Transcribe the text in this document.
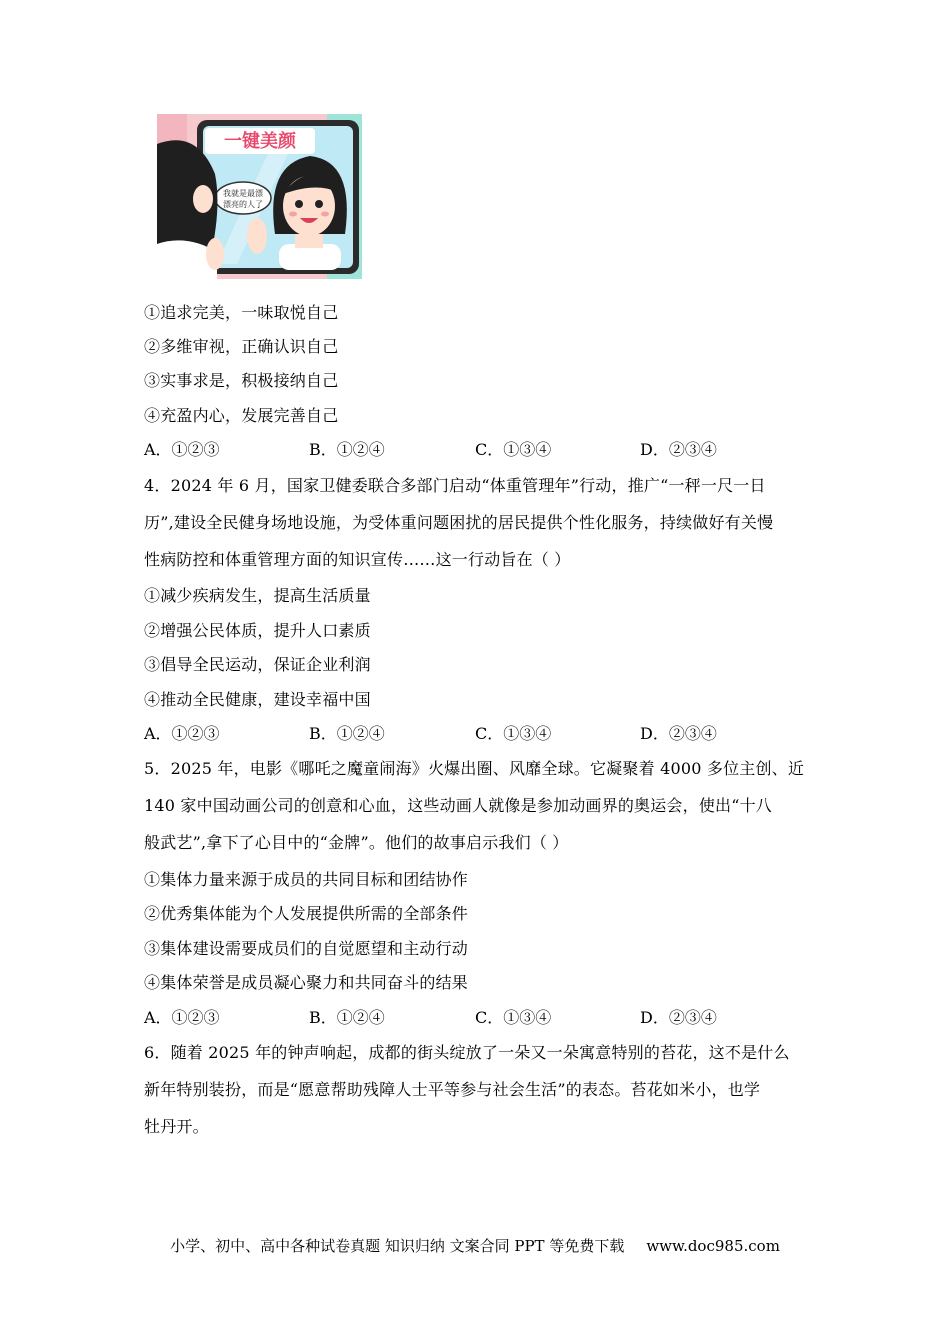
一键美颜
我就是最漂
漂亮的人了
①追求完美，一味取悦自己
②多维审视，正确认识自己
③实事求是，积极接纳自己
④充盈内心，发展完善自己
A．①②③	B．①②④	C．①③④	D．②③④
4．2024 年 6 月，国家卫健委联合多部门启动“体重管理年”行动，推广“一秤一尺一日
历”,建设全民健身场地设施，为受体重问题困扰的居民提供个性化服务，持续做好有关慢
性病防控和体重管理方面的知识宣传……这一行动旨在（ ）
①减少疾病发生，提高生活质量
②增强公民体质，提升人口素质
③倡导全民运动，保证企业利润
④推动全民健康，建设幸福中国
A．①②③	B．①②④	C．①③④	D．②③④
5．2025 年，电影《哪吒之魔童闹海》火爆出圈、风靡全球。它凝聚着 4000 多位主创、近
140 家中国动画公司的创意和心血，这些动画人就像是参加动画界的奥运会，使出“十八
般武艺”,拿下了心目中的“金牌”。他们的故事启示我们（ ）
①集体力量来源于成员的共同目标和团结协作
②优秀集体能为个人发展提供所需的全部条件
③集体建设需要成员们的自觉愿望和主动行动
④集体荣誉是成员凝心聚力和共同奋斗的结果
A．①②③	B．①②④	C．①③④	D．②③④
6．随着 2025 年的钟声响起，成都的街头绽放了一朵又一朵寓意特别的苔花，这不是什么
新年特别装扮，而是“愿意帮助残障人士平等参与社会生活”的表态。苔花如米小，也学
牡丹开。
小学、初中、高中各种试卷真题 知识归纳 文案合同 PPT 等免费下载 www.doc985.com
